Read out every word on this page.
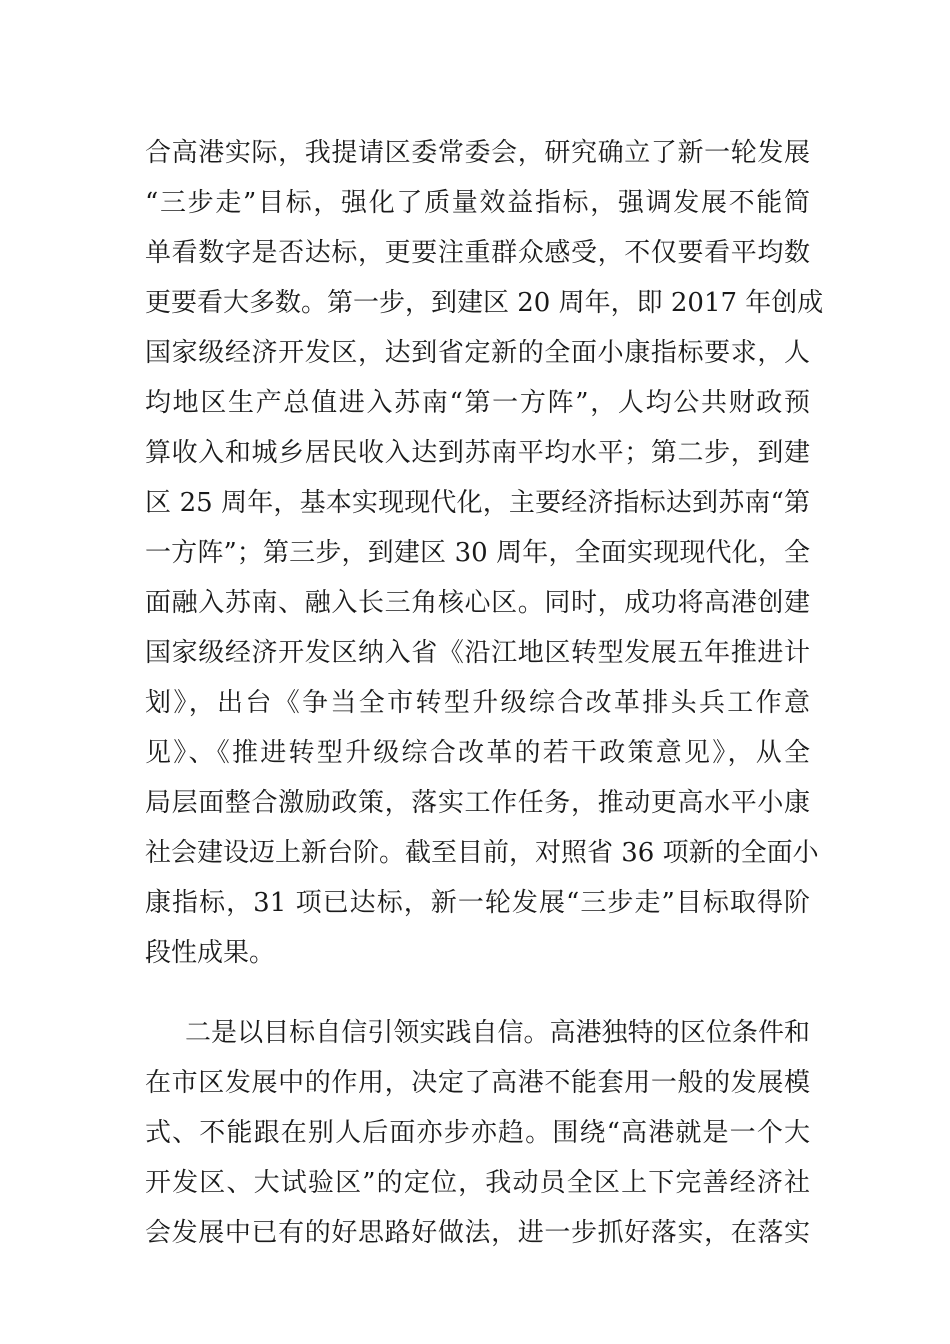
合高港实际，我提请区委常委会，研究确立了新一轮发展
“三步走”目标，强化了质量效益指标，强调发展不能简
单看数字是否达标，更要注重群众感受，不仅要看平均数
更要看大多数。第一步，到建区 20 周年，即 2017 年创成
国家级经济开发区，达到省定新的全面小康指标要求，人
均地区生产总值进入苏南“第一方阵”，人均公共财政预
算收入和城乡居民收入达到苏南平均水平；第二步，到建
区 25 周年，基本实现现代化，主要经济指标达到苏南“第
一方阵”；第三步，到建区 30 周年，全面实现现代化，全
面融入苏南、融入长三角核心区。同时，成功将高港创建
国家级经济开发区纳入省《沿江地区转型发展五年推进计
划》，出台《争当全市转型升级综合改革排头兵工作意
见》、《推进转型升级综合改革的若干政策意见》，从全
局层面整合激励政策，落实工作任务，推动更高水平小康
社会建设迈上新台阶。截至目前，对照省 36 项新的全面小
康指标，31 项已达标，新一轮发展“三步走”目标取得阶
段性成果。
二是以目标自信引领实践自信。高港独特的区位条件和
在市区发展中的作用，决定了高港不能套用一般的发展模
式、不能跟在别人后面亦步亦趋。围绕“高港就是一个大
开发区、大试验区”的定位，我动员全区上下完善经济社
会发展中已有的好思路好做法，进一步抓好落实，在落实
